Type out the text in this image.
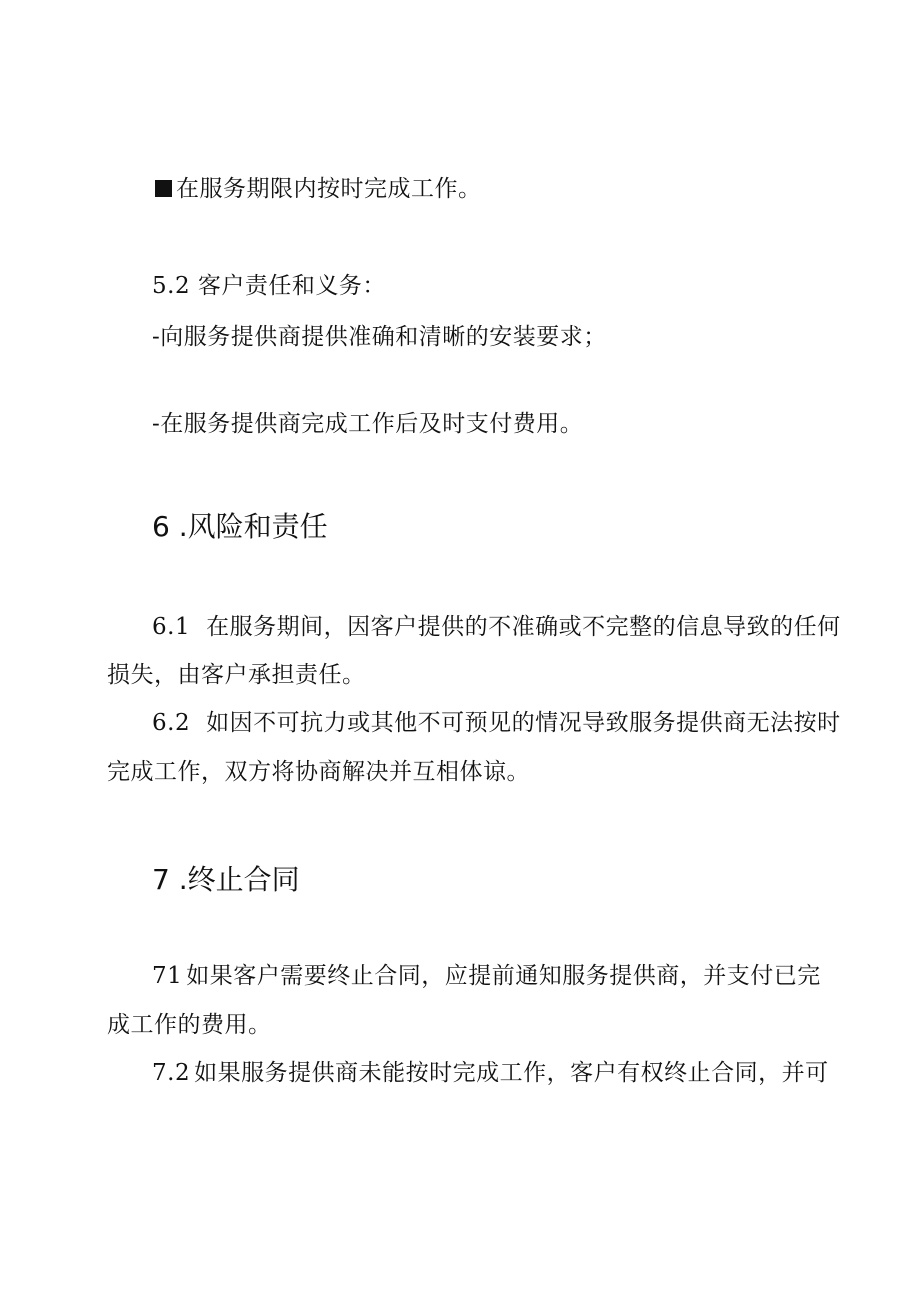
在服务期限内按时完成工作。
5.2 客户责任和义务：
-向服务提供商提供准确和清晰的安装要求；
-在服务提供商完成工作后及时支付费用。
6 .风险和责任
6.1 在服务期间，因客户提供的不准确或不完整的信息导致的任何
损失，由客户承担责任。
6.2 如因不可抗力或其他不可预见的情况导致服务提供商无法按时
完成工作，双方将协商解决并互相体谅。
7 .终止合同
71 如果客户需要终止合同，应提前通知服务提供商，并支付已完
成工作的费用。
7.2 如果服务提供商未能按时完成工作，客户有权终止合同，并可
